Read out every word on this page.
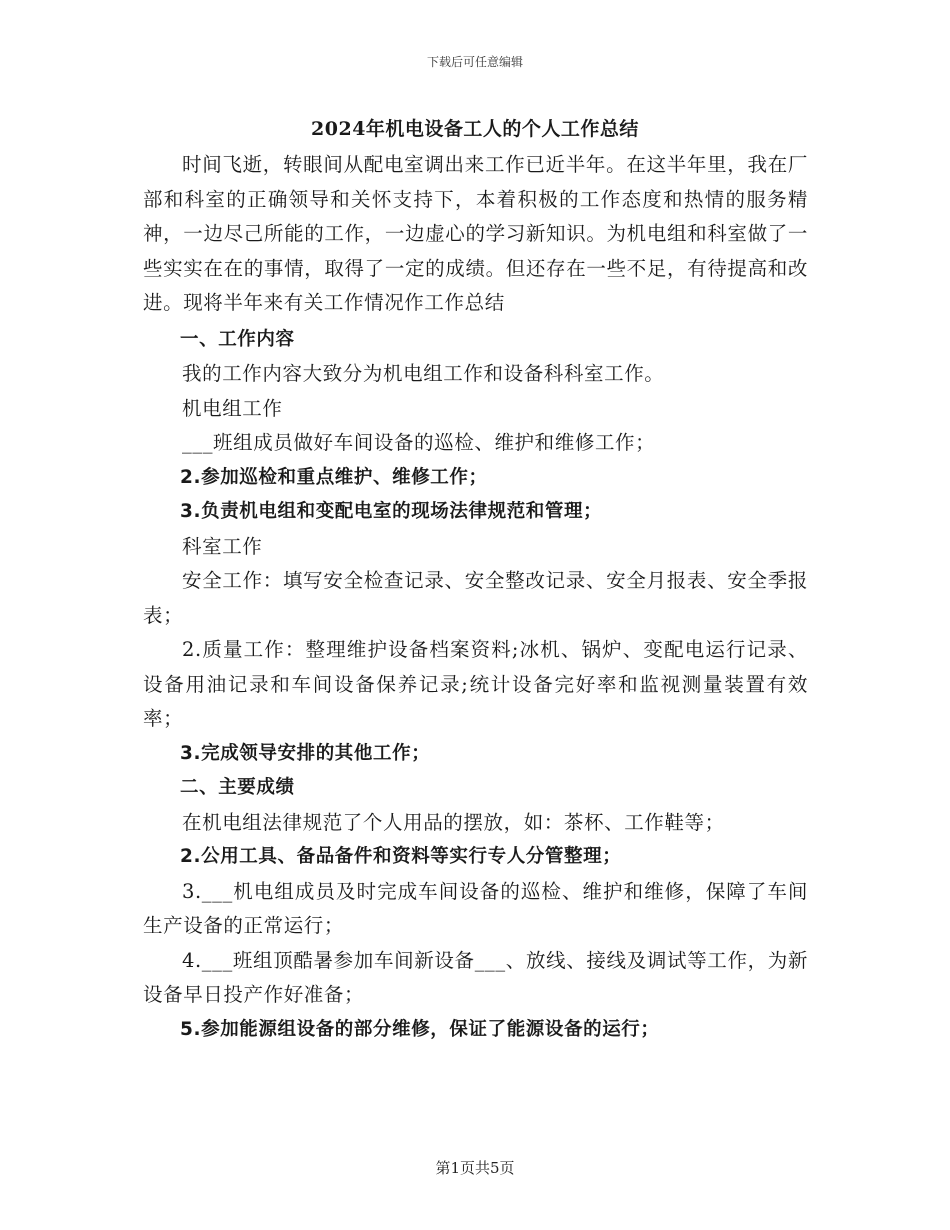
下载后可任意编辑
2024年机电设备工人的个人工作总结

时间飞逝，转眼间从配电室调出来工作已近半年。在这半年里，我在厂部和科室的正确领导和关怀支持下，本着积极的工作态度和热情的服务精神，一边尽己所能的工作，一边虚心的学习新知识。为机电组和科室做了一些实实在在的事情，取得了一定的成绩。但还存在一些不足，有待提高和改进。现将半年来有关工作情况作工作总结

一、工作内容

我的工作内容大致分为机电组工作和设备科科室工作。

机电组工作

___班组成员做好车间设备的巡检、维护和维修工作；

2.参加巡检和重点维护、维修工作；

3.负责机电组和变配电室的现场法律规范和管理；

科室工作

安全工作：填写安全检查记录、安全整改记录、安全月报表、安全季报表；

2.质量工作：整理维护设备档案资料;冰机、锅炉、变配电运行记录、设备用油记录和车间设备保养记录;统计设备完好率和监视测量装置有效率；

3.完成领导安排的其他工作；

二、主要成绩

在机电组法律规范了个人用品的摆放，如：茶杯、工作鞋等；

2.公用工具、备品备件和资料等实行专人分管整理；

3.___机电组成员及时完成车间设备的巡检、维护和维修，保障了车间生产设备的正常运行；

4.___班组顶酷暑参加车间新设备___、放线、接线及调试等工作，为新设备早日投产作好准备；

5.参加能源组设备的部分维修，保证了能源设备的运行；

第1页共5页
